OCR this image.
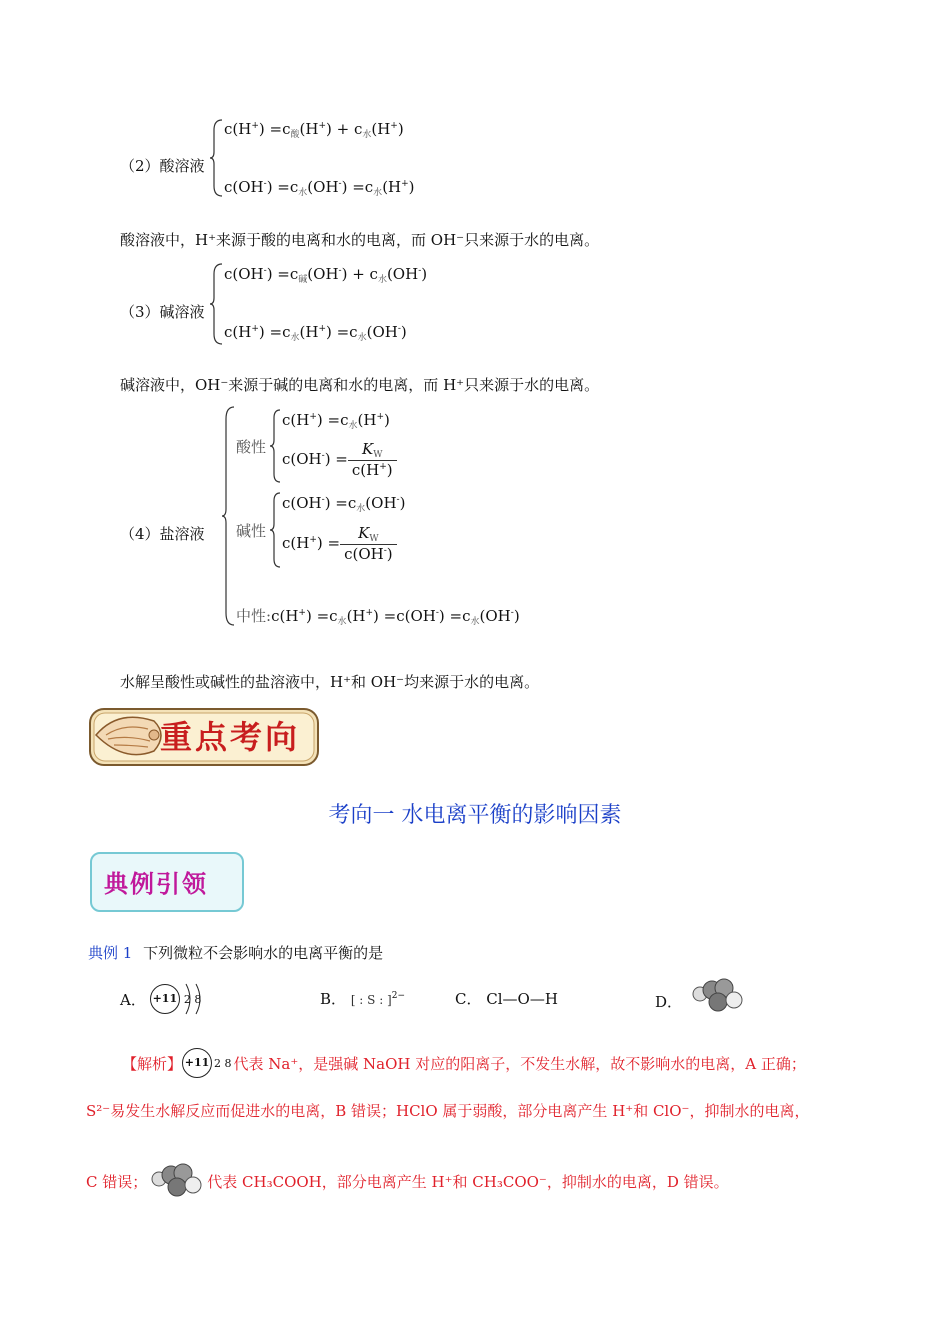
（2）酸溶液
$c(H^+) =c_酸(H^+) + c_水(H^+)$
$c(OH^-) =c_水(OH^-) =c_水(H^+)$
酸溶液中，H⁺来源于酸的电离和水的电离，而 OH⁻只来源于水的电离。
（3）碱溶液
$c(OH^-) =c_碱(OH^-) + c_水(OH^-)$
$c(H^+) =c_水(H^+) =c_水(OH^-)$
碱溶液中，OH⁻来源于碱的电离和水的电离，而 H⁺只来源于水的电离。
（4）盐溶液
酸性
$c(H^+) =c_水(H^+)$
$c(OH^-) = \frac{K_W}{c(H^+)}$
碱性
$c(OH^-) =c_水(OH^-)$
$c(H^+) = \frac{K_W}{c(OH^-)}$
中性:c(H+) $=c_水(H^+) =c(OH^-) =c_水(OH^-)$
水解呈酸性或碱性的盐溶液中，H⁺和 OH⁻均来源于水的电离。
重点考向
考向一 水电离平衡的影响因素
典例引领
典例 1 下列微粒不会影响水的电离平衡的是
A． +11 2 8	B． [ : S : ]$^{2-}$	C． Cl—O—H	D．
【解析】 +11 2 8 代表 Na⁺，是强碱 NaOH 对应的阳离子，不发生水解，故不影响水的电离，A 正确；
S²⁻易发生水解反应而促进水的电离，B 错误；HClO 属于弱酸，部分电离产生 H⁺和 ClO⁻，抑制水的电离，
C 错误；	代表 CH₃COOH，部分电离产生 H⁺和 CH₃COO⁻，抑制水的电离，D 错误。
